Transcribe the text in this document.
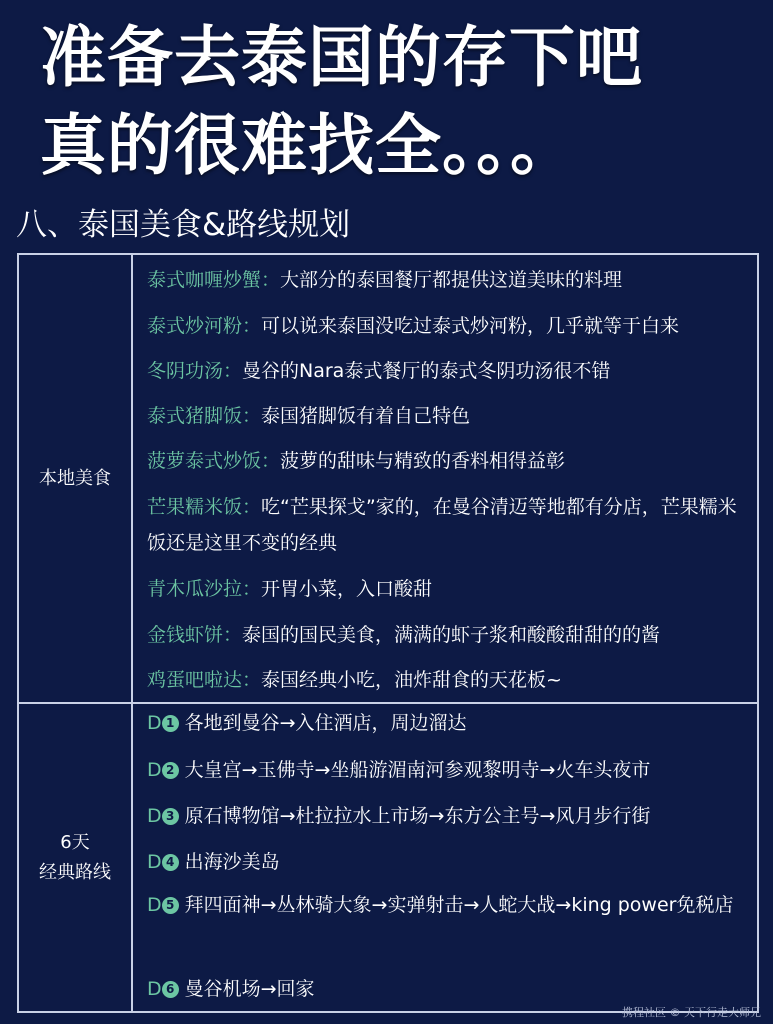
准备去泰国的存下吧
真的很难找全。。。
八、泰国美食&路线规划
本地美食
泰式咖喱炒蟹：大部分的泰国餐厅都提供这道美味的料理
泰式炒河粉：可以说来泰国没吃过泰式炒河粉，几乎就等于白来
冬阴功汤：曼谷的Nara泰式餐厅的泰式冬阴功汤很不错
泰式猪脚饭：泰国猪脚饭有着自己特色
菠萝泰式炒饭：菠萝的甜味与精致的香料相得益彰
芒果糯米饭：吃“芒果探戈”家的，在曼谷清迈等地都有分店，芒果糯米饭还是这里不变的经典
青木瓜沙拉：开胃小菜，入口酸甜
金钱虾饼：泰国的国民美食，满满的虾子浆和酸酸甜甜的的酱
鸡蛋吧啦达：泰国经典小吃，油炸甜食的天花板~
6天
经典路线
D 1 各地到曼谷→入住酒店，周边溜达
D 2 大皇宫→玉佛寺→坐船游湄南河参观黎明寺→火车头夜市
D 3 原石博物馆→杜拉拉水上市场→东方公主号→风月步行街
D 4 出海沙美岛
D 5 拜四面神→丛林骑大象→实弹射击→人蛇大战→king power免税店
D 6 曼谷机场→回家
携程社区 © 天下行走大师兄
